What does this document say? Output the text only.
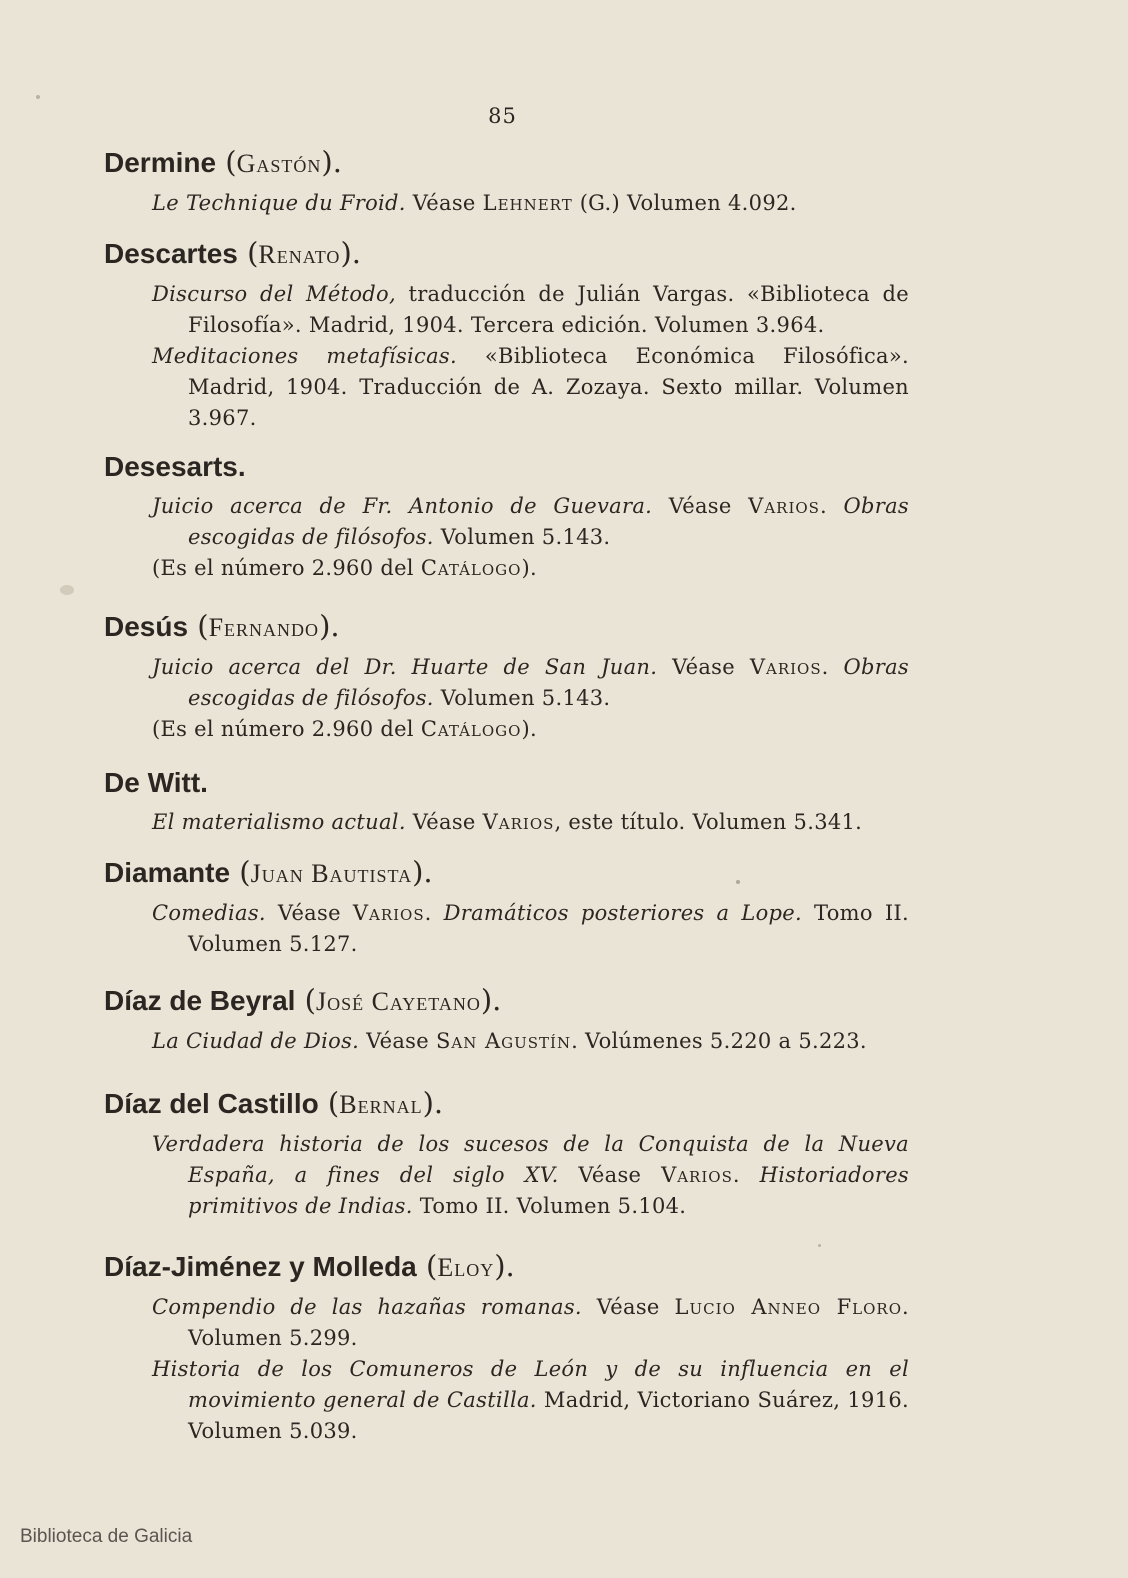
85
Dermine (Gastón).

Le Technique du Froid. Véase Lehnert (G.) Volumen 4.092.

Descartes (Renato).

Discurso del Método, traducción de Julián Vargas. «Biblioteca de Filosofía». Madrid, 1904. Tercera edición. Volumen 3.964.

Meditaciones metafísicas. «Biblioteca Económica Filosófica». Madrid, 1904. Traducción de A. Zozaya. Sexto millar. Volumen 3.967.

Desesarts.

Juicio acerca de Fr. Antonio de Guevara. Véase Varios. Obras escogidas de filósofos. Volumen 5.143.

(Es el número 2.960 del Catálogo).

Desús (Fernando).

Juicio acerca del Dr. Huarte de San Juan. Véase Varios. Obras escogidas de filósofos. Volumen 5.143.

(Es el número 2.960 del Catálogo).

De Witt.

El materialismo actual. Véase Varios, este título. Volumen 5.341.

Diamante (Juan Bautista).

Comedias. Véase Varios. Dramáticos posteriores a Lope. Tomo II. Volumen 5.127.

Díaz de Beyral (José Cayetano).

La Ciudad de Dios. Véase San Agustín. Volúmenes 5.220 a 5.223.

Díaz del Castillo (Bernal).

Verdadera historia de los sucesos de la Conquista de la Nueva España, a fines del siglo XV. Véase Varios. Historiadores primitivos de Indias. Tomo II. Volumen 5.104.

Díaz-Jiménez y Molleda (Eloy).

Compendio de las hazañas romanas. Véase Lucio Anneo Floro. Volumen 5.299.

Historia de los Comuneros de León y de su influencia en el movimiento general de Castilla. Madrid, Victoriano Suárez, 1916. Volumen 5.039.

Biblioteca de Galicia
